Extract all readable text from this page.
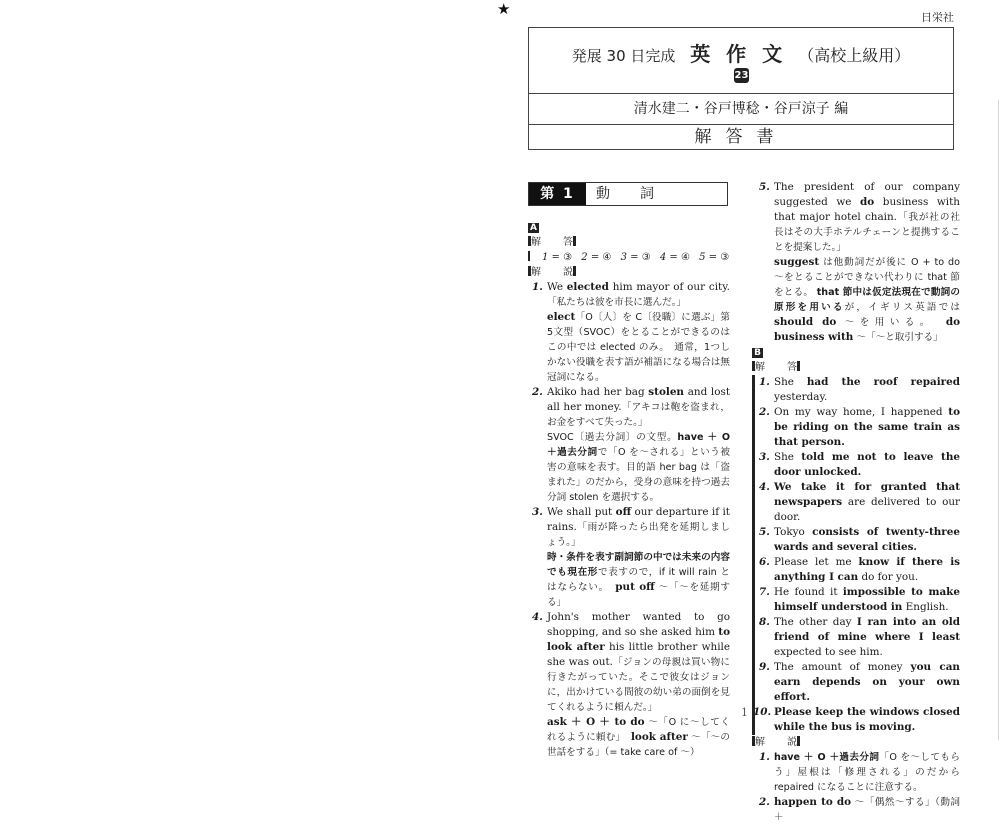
★	日栄社
発展 30 日完成 英作文（高校上級用）
23
清水建二・谷戸博稔・谷戸涼子 編
解答書
第 1 日
動詞
A
解 答
1 = ③ 2 = ④ 3 = ③ 4 = ④ 5 = ③
解 説
1. We elected him mayor of our city.「私たちは彼を市長に選んだ。」
elect「O〔人〕を C〔役職〕に選ぶ」第5文型（SVOC）をとることができるのはこの中では elected のみ。　通常，1つしかない役職を表す語が補語になる場合は無冠詞になる。
2. Akiko had her bag stolen and lost all her money.「アキコは鞄を盗まれ，お金をすべて失った。」
SVOC〔過去分詞〕の文型。have ＋ O ＋過去分詞で「O を～される」という被害の意味を表す。目的語 her bag は「盗まれた」のだから，受身の意味を持つ過去分詞 stolen を選択する。
3. We shall put off our departure if it rains.「雨が降ったら出発を延期しましょう。」
時・条件を表す副詞節の中では未来の内容でも現在形で表すので，if it will rain とはならない。　 put off ～「～を延期する」
4. John's mother wanted to go shopping, and so she asked him to look after his little brother while she was out.「ジョンの母親は買い物に行きたがっていた。そこで彼女はジョンに，出かけている間彼の幼い弟の面倒を見てくれるように頼んだ。」
ask ＋ O ＋ to do ～「O に～してくれるように頼む」　 look after ～「～の世話をする」（= take care of ～）
5. The president of our company suggested we do business with that major hotel chain.「我が社の社長はその大手ホテルチェーンと提携することを提案した。」
suggest は他動詞だが後に O + to do ～をとることができない代わりに that 節をとる。 that 節中は仮定法現在で動詞の原形を用いるが，イギリス英語では should do ～を用いる。　 do business with ～「～と取引する」
B
解 答
1. She had the roof repaired yesterday.
2. On my way home, I happened to be riding on the same train as that person.
3. She told me not to leave the door unlocked.
4. We take it for granted that newspapers are delivered to our door.
5. Tokyo consists of twenty-three wards and several cities.
6. Please let me know if there is anything I can do for you.
7. He found it impossible to make himself understood in English.
8. The other day I ran into an old friend of mine where I least expected to see him.
9. The amount of money you can earn depends on your own effort.
10. Please keep the windows closed while the bus is moving.
解 説
1. have ＋ O ＋過去分詞「O を～してもらう」屋根は「修理される」のだから repaired になることに注意する。
2. happen to do ～「偶然～する」（動詞＋
1
